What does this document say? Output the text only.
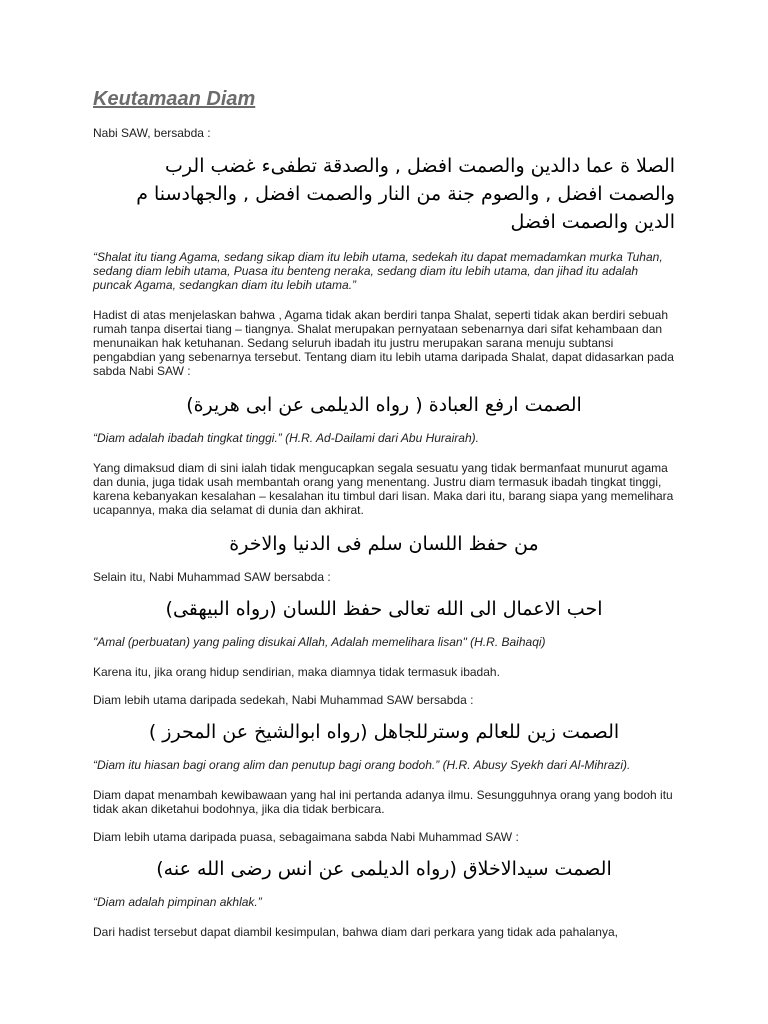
Keutamaan Diam

Nabi SAW, bersabda :

الصلا ة عما دالدين والصمت افضل , والصدقة تطفىء غضب الرب والصمت افضل , والصوم جنة من النار والصمت افضل , والجهادسنا م الدين والصمت افضل

“Shalat itu tiang Agama, sedang sikap diam itu lebih utama, sedekah itu dapat memadamkan murka Tuhan, sedang diam lebih utama, Puasa itu benteng neraka, sedang diam itu lebih utama, dan jihad itu adalah puncak Agama, sedangkan diam itu lebih utama.”

Hadist di atas menjelaskan bahwa , Agama tidak akan berdiri tanpa Shalat, seperti tidak akan berdiri sebuah rumah tanpa disertai tiang – tiangnya. Shalat merupakan pernyataan sebenarnya dari sifat kehambaan dan menunaikan hak ketuhanan. Sedang seluruh ibadah itu justru merupakan sarana menuju subtansi pengabdian yang sebenarnya tersebut. Tentang diam itu lebih utama daripada Shalat, dapat didasarkan pada sabda Nabi SAW :

الصمت ارفع العبادة ( رواه الديلمى عن ابى هريرة)

“Diam adalah ibadah tingkat tinggi.” (H.R. Ad-Dailami dari Abu Hurairah).

Yang dimaksud diam di sini ialah tidak mengucapkan segala sesuatu yang tidak bermanfaat munurut agama dan dunia, juga tidak usah membantah orang yang menentang. Justru diam termasuk ibadah tingkat tinggi, karena kebanyakan kesalahan – kesalahan itu timbul dari lisan. Maka dari itu, barang siapa yang memelihara ucapannya, maka dia selamat di dunia dan akhirat.

من حفظ اللسان سلم فى الدنيا والاخرة

Selain itu, Nabi Muhammad SAW bersabda :

احب الاعمال الى الله تعالى حفظ اللسان (رواه البيهقى)

"Amal (perbuatan) yang paling disukai Allah, Adalah memelihara lisan" (H.R. Baihaqi)

Karena itu, jika orang hidup sendirian, maka diamnya tidak termasuk ibadah.

Diam lebih utama daripada sedekah, Nabi Muhammad SAW bersabda :

الصمت زين للعالم وسترللجاهل (رواه ابوالشيخ عن المحرز )

“Diam itu hiasan bagi orang alim dan penutup bagi orang bodoh.” (H.R. Abusy Syekh dari Al-Mihrazi).

Diam dapat menambah kewibawaan yang hal ini pertanda adanya ilmu. Sesungguhnya orang yang bodoh itu tidak akan diketahui bodohnya, jika dia tidak berbicara.

Diam lebih utama daripada puasa, sebagaimana sabda Nabi Muhammad SAW :

الصمت سيدالاخلاق (رواه الديلمى عن انس رضى الله عنه)

“Diam adalah pimpinan akhlak.”

Dari hadist tersebut dapat diambil kesimpulan, bahwa diam dari perkara yang tidak ada pahalanya,
